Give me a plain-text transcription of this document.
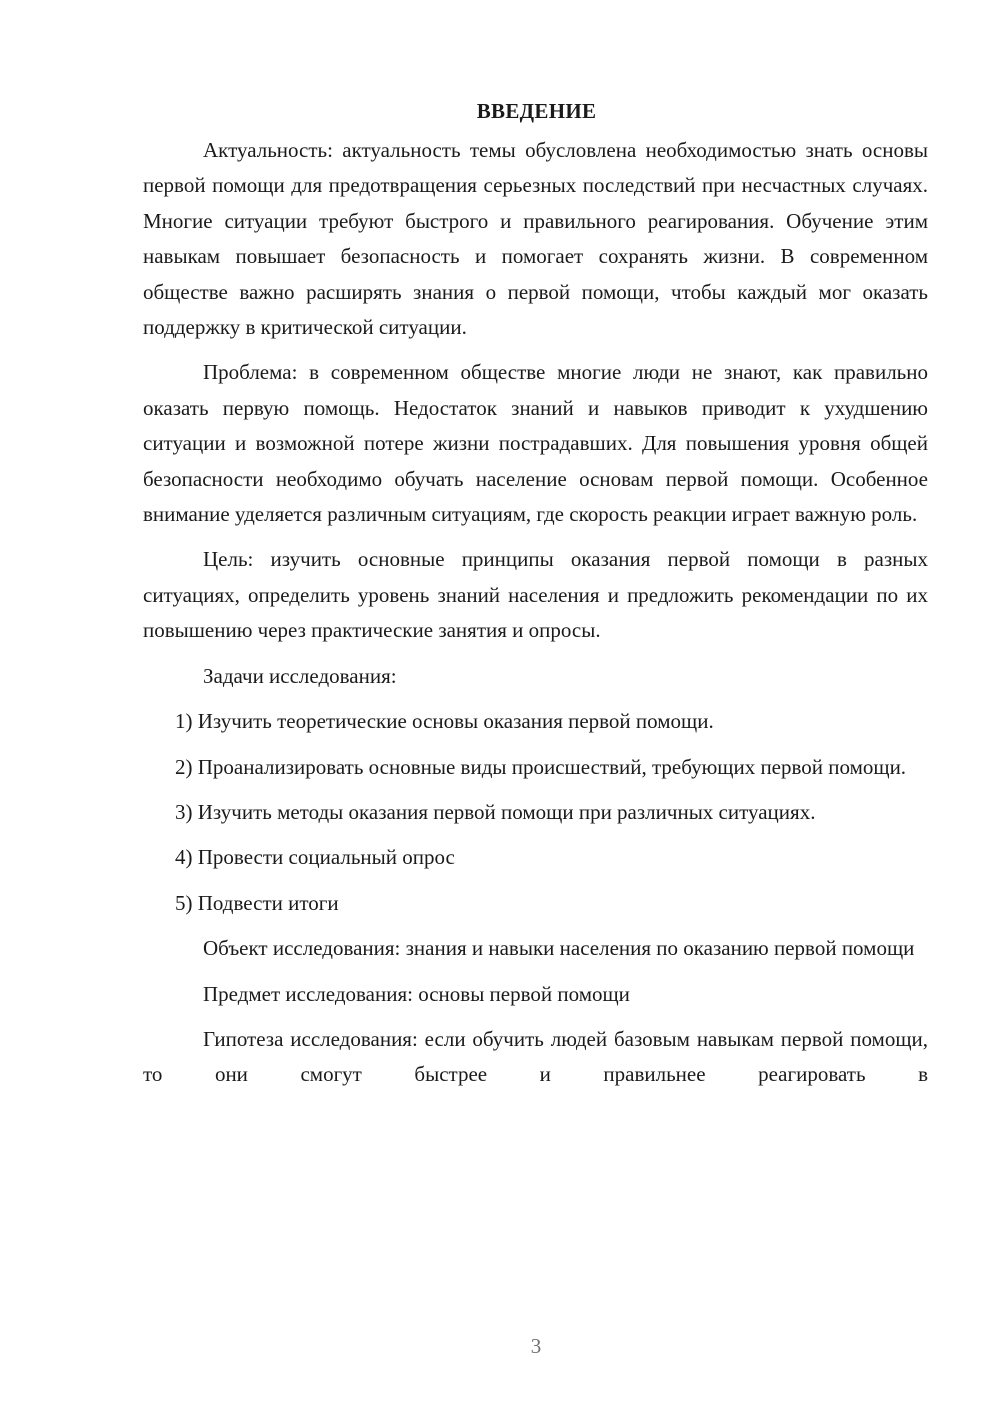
ВВЕДЕНИЕ

Актуальность: актуальность темы обусловлена необходимостью знать основы первой помощи для предотвращения серьезных последствий при несчастных случаях. Многие ситуации требуют быстрого и правильного реагирования. Обучение этим навыкам повышает безопасность и помогает сохранять жизни. В современном обществе важно расширять знания о первой помощи, чтобы каждый мог оказать поддержку в критической ситуации.

Проблема: в современном обществе многие люди не знают, как правильно оказать первую помощь. Недостаток знаний и навыков приводит к ухудшению ситуации и возможной потере жизни пострадавших. Для повышения уровня общей безопасности необходимо обучать население основам первой помощи. Особенное внимание уделяется различным ситуациям, где скорость реакции играет важную роль.

Цель: изучить основные принципы оказания первой помощи в разных ситуациях, определить уровень знаний населения и предложить рекомендации по их повышению через практические занятия и опросы.

Задачи исследования:

1) Изучить теоретические основы оказания первой помощи.

2) Проанализировать основные виды происшествий, требующих первой помощи.

3) Изучить методы оказания первой помощи при различных ситуациях.

4) Провести социальный опрос

5) Подвести итоги

Объект исследования: знания и навыки населения по оказанию первой помощи

Предмет исследования: основы первой помощи

Гипотеза исследования: если обучить людей базовым навыкам первой помощи, то они смогут быстрее и правильнее реагировать в

3
